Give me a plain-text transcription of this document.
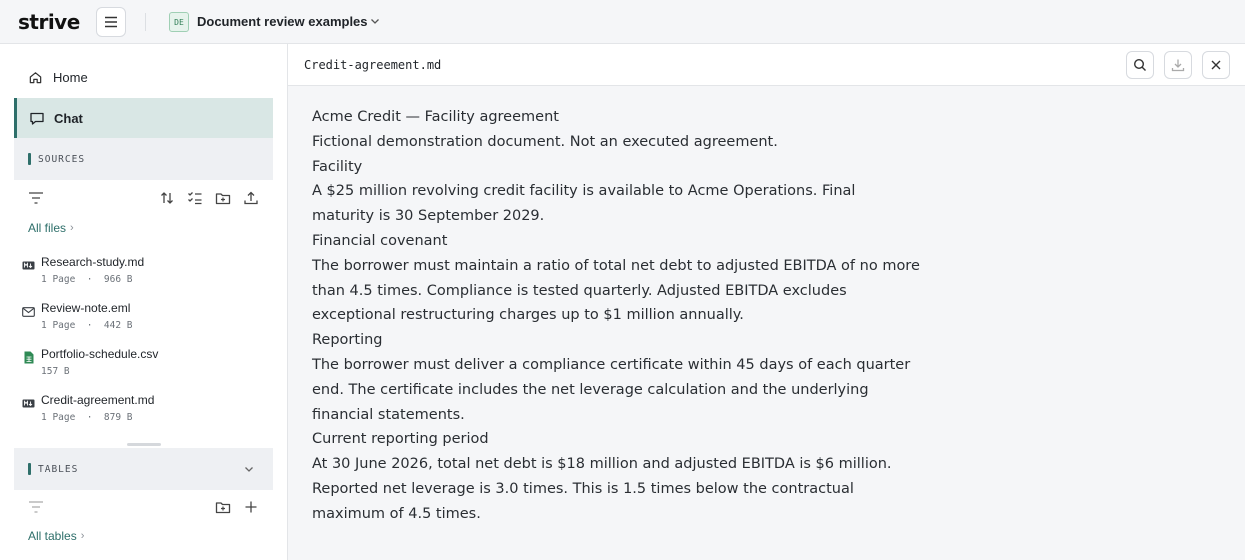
strive	DE	Document review examples
Home
Chat
SOURCES
All files ›
Research-study.md
1 Page  ·  966 B
Review-note.eml
1 Page  ·  442 B
Portfolio-schedule.csv
157 B
Credit-agreement.md
1 Page  ·  879 B
TABLES
All tables ›
Credit-agreement.md

Acme Credit — Facility agreement

Fictional demonstration document. Not an executed agreement.

Facility

A $25 million revolving credit facility is available to Acme Operations. Final maturity is 30 September 2029.

Financial covenant

The borrower must maintain a ratio of total net debt to adjusted EBITDA of no more than 4.5 times. Compliance is tested quarterly. Adjusted EBITDA excludes exceptional restructuring charges up to $1 million annually.

Reporting

The borrower must deliver a compliance certificate within 45 days of each quarter end. The certificate includes the net leverage calculation and the underlying financial statements.

Current reporting period

At 30 June 2026, total net debt is $18 million and adjusted EBITDA is $6 million. Reported net leverage is 3.0 times. This is 1.5 times below the contractual maximum of 4.5 times.
